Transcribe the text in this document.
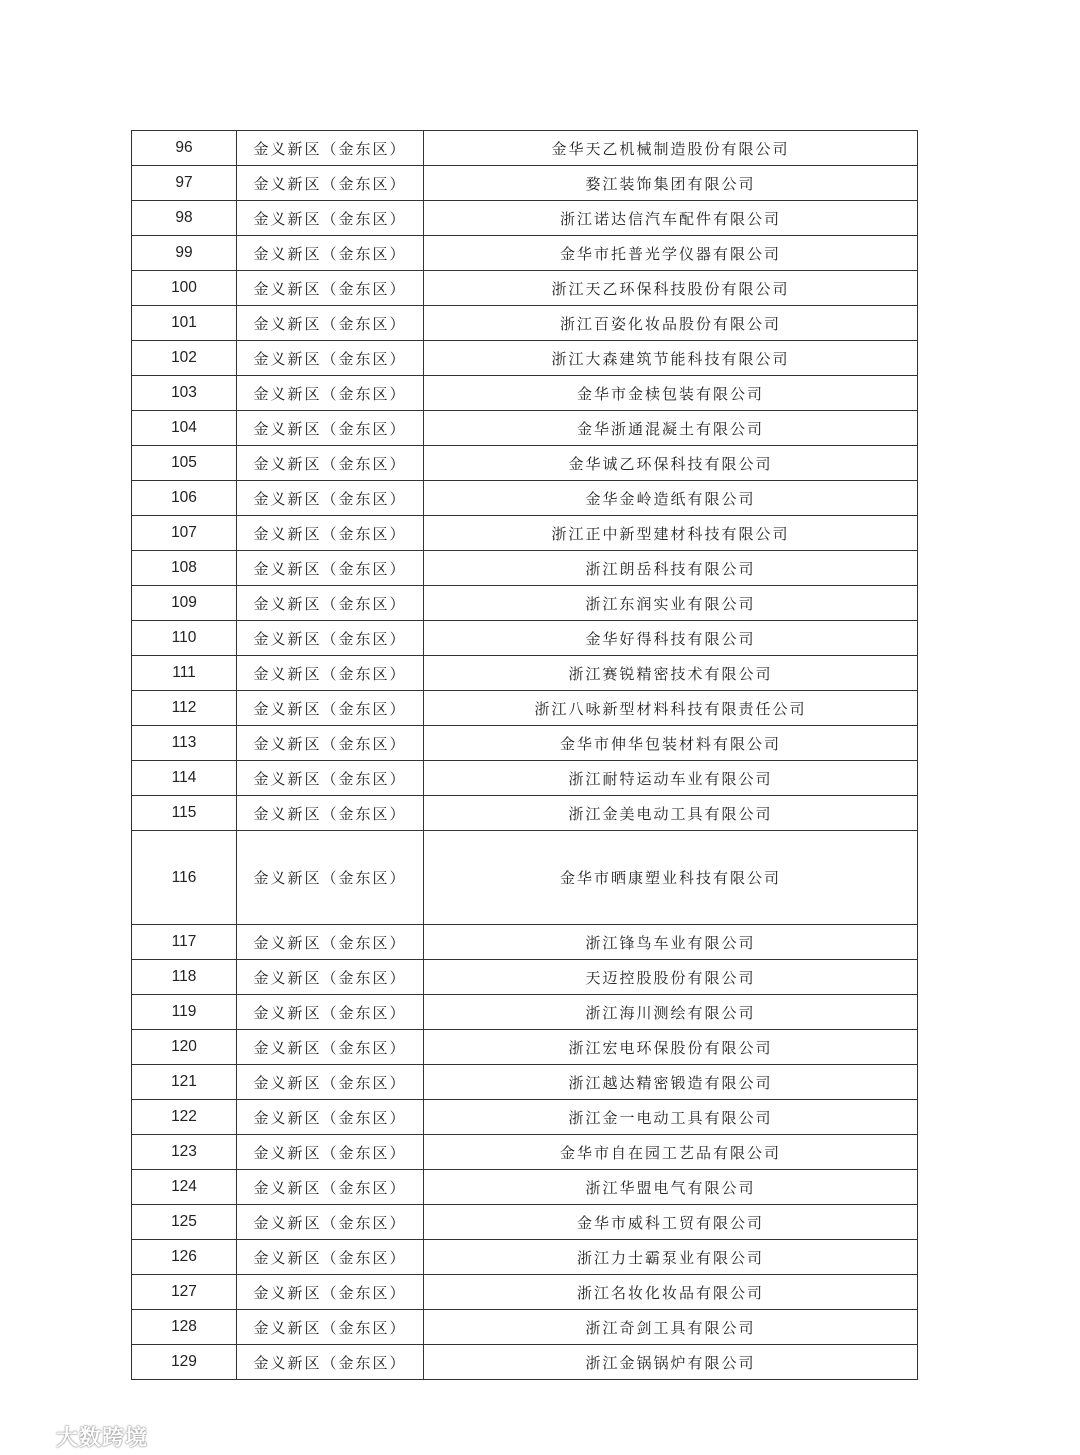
96	金义新区（金东区）	金华天乙机械制造股份有限公司
97	金义新区（金东区）	婺江装饰集团有限公司
98	金义新区（金东区）	浙江诺达信汽车配件有限公司
99	金义新区（金东区）	金华市托普光学仪器有限公司
100	金义新区（金东区）	浙江天乙环保科技股份有限公司
101	金义新区（金东区）	浙江百姿化妆品股份有限公司
102	金义新区（金东区）	浙江大森建筑节能科技有限公司
103	金义新区（金东区）	金华市金椟包装有限公司
104	金义新区（金东区）	金华浙通混凝土有限公司
105	金义新区（金东区）	金华诚乙环保科技有限公司
106	金义新区（金东区）	金华金岭造纸有限公司
107	金义新区（金东区）	浙江正中新型建材科技有限公司
108	金义新区（金东区）	浙江朗岳科技有限公司
109	金义新区（金东区）	浙江东润实业有限公司
110	金义新区（金东区）	金华好得科技有限公司
111	金义新区（金东区）	浙江赛锐精密技术有限公司
112	金义新区（金东区）	浙江八咏新型材料科技有限责任公司
113	金义新区（金东区）	金华市伸华包装材料有限公司
114	金义新区（金东区）	浙江耐特运动车业有限公司
115	金义新区（金东区）	浙江金美电动工具有限公司
116	金义新区（金东区）	金华市晒康塑业科技有限公司
117	金义新区（金东区）	浙江锋鸟车业有限公司
118	金义新区（金东区）	天迈控股股份有限公司
119	金义新区（金东区）	浙江海川测绘有限公司
120	金义新区（金东区）	浙江宏电环保股份有限公司
121	金义新区（金东区）	浙江越达精密锻造有限公司
122	金义新区（金东区）	浙江金一电动工具有限公司
123	金义新区（金东区）	金华市自在园工艺品有限公司
124	金义新区（金东区）	浙江华盟电气有限公司
125	金义新区（金东区）	金华市威科工贸有限公司
126	金义新区（金东区）	浙江力士霸泵业有限公司
127	金义新区（金东区）	浙江名妆化妆品有限公司
128	金义新区（金东区）	浙江奇剑工具有限公司
129	金义新区（金东区）	浙江金锅锅炉有限公司
大数跨境
